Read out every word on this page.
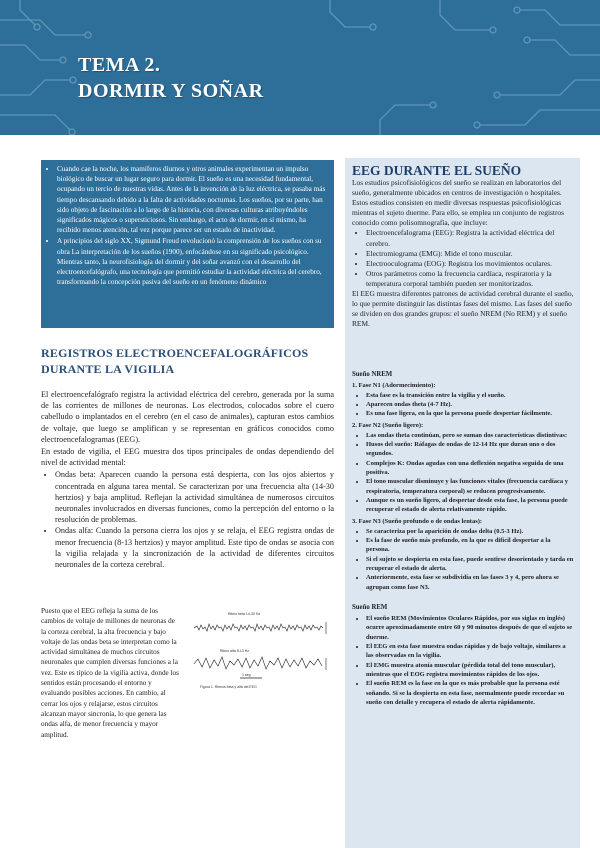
TEMA 2.
DORMIR Y SOÑAR
• Cuando cae la noche, los mamíferos diurnos y otros animales experimentan un impulso biológico de buscar un lugar seguro para dormir. El sueño es una necesidad fundamental, ocupando un tercio de nuestras vidas. Antes de la invención de la luz eléctrica, se pasaba más tiempo descansando debido a la falta de actividades nocturnas. Los sueños, por su parte, han sido objeto de fascinación a lo largo de la historia, con diversas culturas atribuyéndoles significados mágicos o supersticiosos. Sin embargo, el acto de dormir, en sí mismo, ha recibido menos atención, tal vez porque parece ser un estado de inactividad.
• A principios del siglo XX, Sigmund Freud revolucionó la comprensión de los sueños con su obra La interpretación de los sueños (1900), enfocándose en su significado psicológico. Mientras tanto, la neurofisiología del dormir y del soñar avanzó con el desarrollo del electroencefalógrafo, una tecnología que permitió estudiar la actividad eléctrica del cerebro, transformando la concepción pasiva del sueño en un fenómeno dinámico
REGISTROS ELECTROENCEFALOGRÁFICOS
DURANTE LA VIGILIA

El electroencefalógrafo registra la actividad eléctrica del cerebro, generada por la suma de las corrientes de millones de neuronas. Los electrodos, colocados sobre el cuero cabelludo o implantados en el cerebro (en el caso de animales), capturan estos cambios de voltaje, que luego se amplifican y se representan en gráficos conocidos como electroencefalogramas (EEG).

En estado de vigilia, el EEG muestra dos tipos principales de ondas dependiendo del nivel de actividad mental:

• Ondas beta: Aparecen cuando la persona está despierta, con los ojos abiertos y concentrada en alguna tarea mental. Se caracterizan por una frecuencia alta (14-30 hertzios) y baja amplitud. Reflejan la actividad simultánea de numerosos circuitos neuronales involucrados en diversas funciones, como la percepción del entorno o la resolución de problemas.
• Ondas alfa: Cuando la persona cierra los ojos y se relaja, el EEG registra ondas de menor frecuencia (8-13 hertzios) y mayor amplitud. Este tipo de ondas se asocia con la vigilia relajada y la sincronización de la actividad de diferentes circuitos neuronales de la corteza cerebral.
Puesto que el EEG refleja la suma de los cambios de voltaje de millones de neuronas de la corteza cerebral, la alta frecuencia y bajo voltaje de las ondas beta se interpretan como la actividad simultánea de muchos circuitos neuronales que cumplen diversas funciones a la vez. Este es típico de la vigilia activa, donde los sentidos están procesando el entorno y evaluando posibles acciones. En cambio, al cerrar los ojos y relajarse, estos circuitos alcanzan mayor sincronía, lo que genera las ondas alfa, de menor frecuencia y mayor amplitud.
Ritmo beta 14-30 Hz
Ritmo alfa 8-13 Hz
1 seg
Figura 1. Ritmos beta y alfa del EEG
EEG DURANTE EL SUEÑO

Los estudios psicofisiológicos del sueño se realizan en laboratorios del sueño, generalmente ubicados en centros de investigación o hospitales. Estos estudios consisten en medir diversas respuestas psicofisiológicas mientras el sujeto duerme. Para ello, se emplea un conjunto de registros conocido como polisomnografía, que incluye:

• Electroencefalograma (EEG): Registra la actividad eléctrica del cerebro.
• Electromiograma (EMG): Mide el tono muscular.
• Electrooculograma (EOG): Registra los movimientos oculares.
• Otros parámetros como la frecuencia cardíaca, respiratoria y la temperatura corporal también pueden ser monitorizados.

El EEG muestra diferentes patrones de actividad cerebral durante el sueño, lo que permite distinguir las distintas fases del mismo. Las fases del sueño se dividen en dos grandes grupos: el sueño NREM (No REM) y el sueño REM.

Sueño NREM
1. Fase N1 (Adormecimiento):
• Esta fase es la transición entre la vigilia y el sueño.
• Aparecen ondas theta (4-7 Hz).
• Es una fase ligera, en la que la persona puede despertar fácilmente.
2. Fase N2 (Sueño ligero):
• Las ondas theta continúan, pero se suman dos características distintivas:
• Husos del sueño: Ráfagas de ondas de 12-14 Hz que duran uno o dos segundos.
• Complejos K: Ondas agudas con una deflexión negativa seguida de una positiva.
• El tono muscular disminuye y las funciones vitales (frecuencia cardíaca y respiratoria, temperatura corporal) se reducen progresivamente.
• Aunque es un sueño ligero, al despertar desde esta fase, la persona puede recuperar el estado de alerta relativamente rápido.
3. Fase N3 (Sueño profundo o de ondas lentas):
• Se caracteriza por la aparición de ondas delta (0.5-3 Hz).
• Es la fase de sueño más profundo, en la que es difícil despertar a la persona.
• Si el sujeto se despierta en esta fase, puede sentirse desorientado y tarda en recuperar el estado de alerta.
• Anteriormente, esta fase se subdividía en las fases 3 y 4, pero ahora se agrupan como fase N3.
Sueño REM
• El sueño REM (Movimientos Oculares Rápidos, por sus siglas en inglés) ocurre aproximadamente entre 60 y 90 minutos después de que el sujeto se duerme.
• El EEG en esta fase muestra ondas rápidas y de bajo voltaje, similares a las observadas en la vigilia.
• El EMG muestra atonía muscular (pérdida total del tono muscular), mientras que el EOG registra movimientos rápidos de los ojos.
• El sueño REM es la fase en la que es más probable que la persona esté soñando. Si se la despierta en esta fase, normalmente puede recordar su sueño con detalle y recupera el estado de alerta rápidamente.
